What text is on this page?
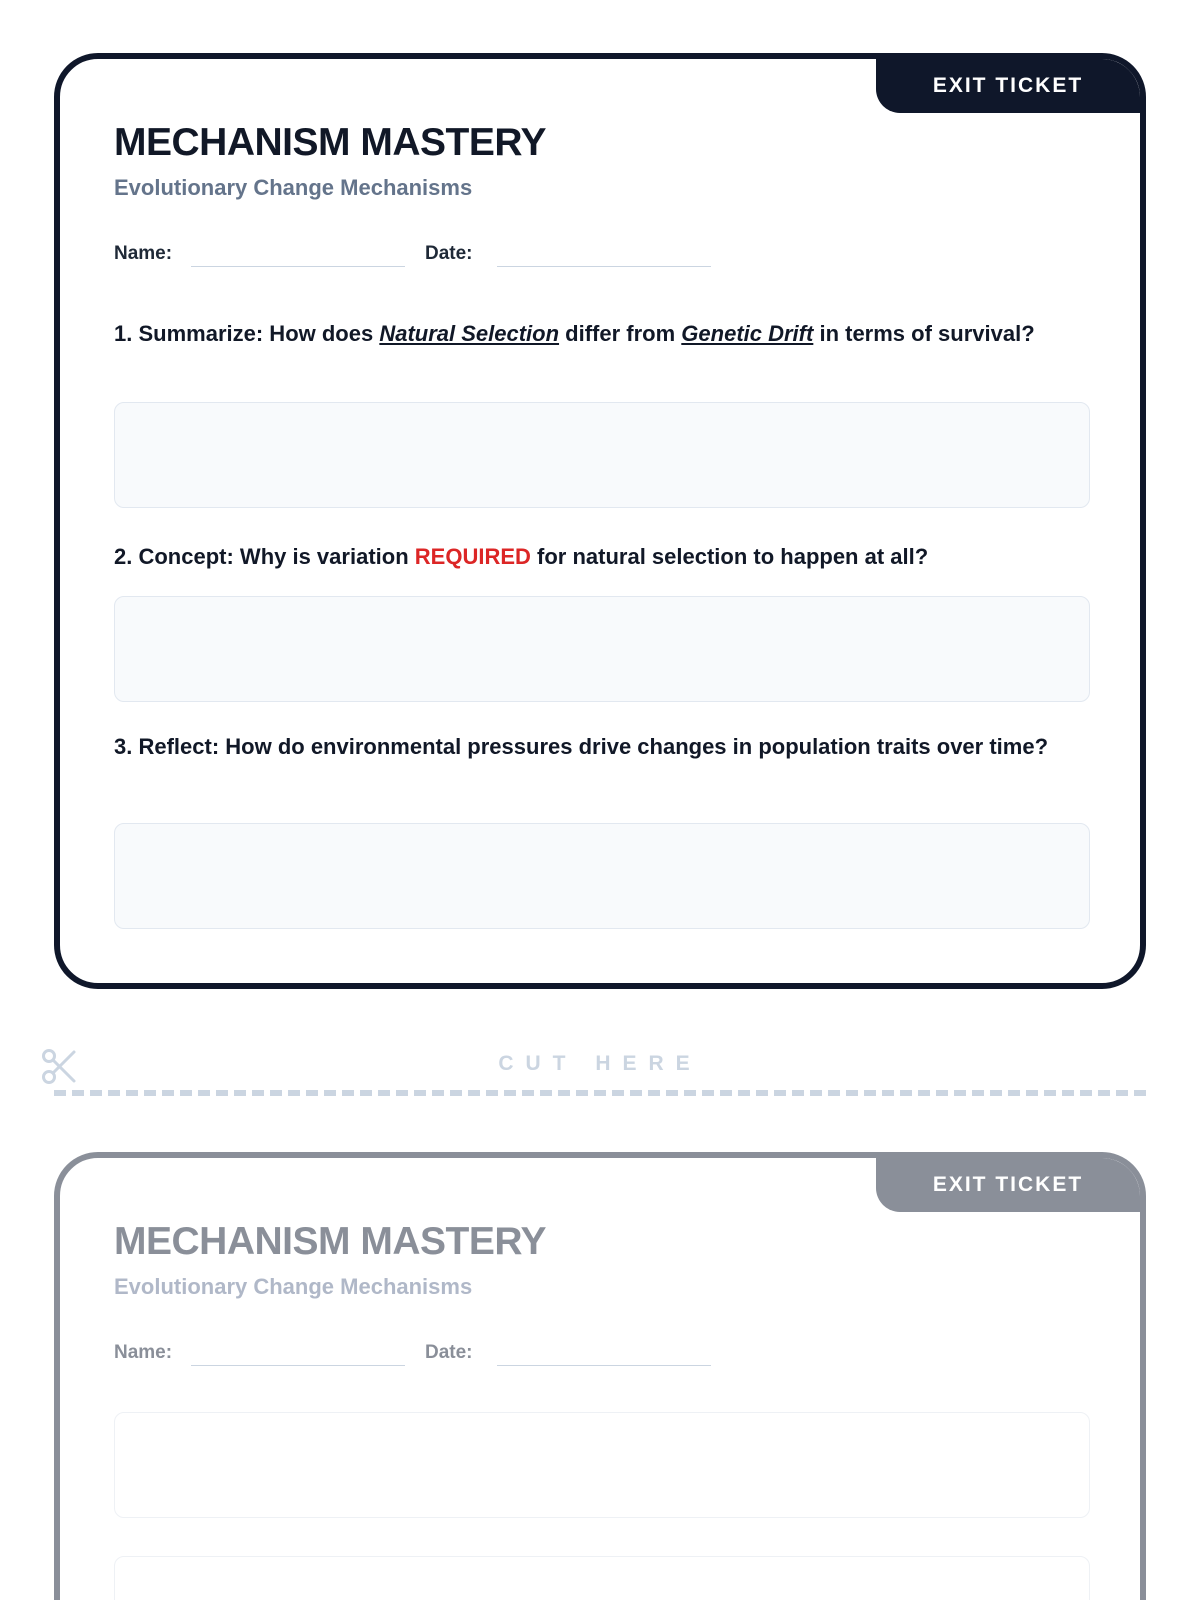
EXIT TICKET
MECHANISM MASTERY
Evolutionary Change Mechanisms
Name:	Date:

1. Summarize: How does Natural Selection differ from Genetic Drift in terms of survival?

2. Concept: Why is variation REQUIRED for natural selection to happen at all?

3. Reflect: How do environmental pressures drive changes in population traits over time?

CUT HERE
EXIT TICKET
MECHANISM MASTERY
Evolutionary Change Mechanisms
Name:	Date:
